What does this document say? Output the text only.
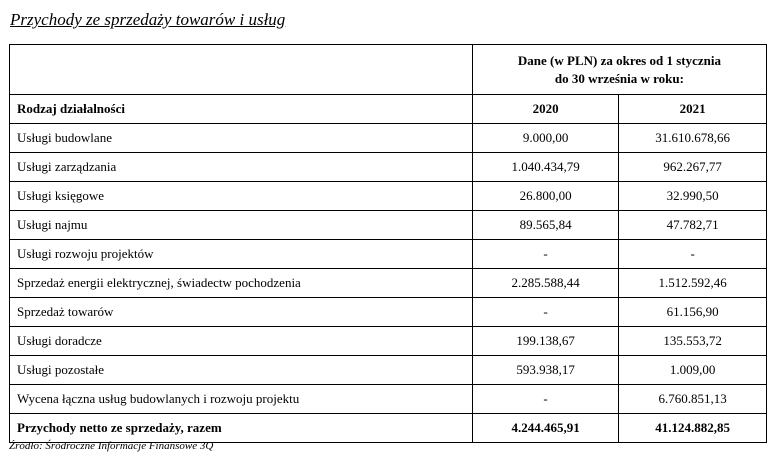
Przychody ze sprzedaży towarów i usług

	Dane (w PLN) za okres od 1 stycznia
do 30 września w roku:	

Rodzaj działalności	2020	2021
Usługi budowlane	9.000,00	31.610.678,66
Usługi zarządzania	1.040.434,79	962.267,77
Usługi księgowe	26.800,00	32.990,50
Usługi najmu	89.565,84	47.782,71
Usługi rozwoju projektów	-	-
Sprzedaż energii elektrycznej, świadectw pochodzenia	2.285.588,44	1.512.592,46
Sprzedaż towarów	-	61.156,90
Usługi doradcze	199.138,67	135.553,72
Usługi pozostałe	593.938,17	1.009,00
Wycena łączna usług budowlanych i rozwoju projektu	-	6.760.851,13
Przychody netto ze sprzedaży, razem	4.244.465,91	41.124.882,85
Źródło: Śródroczne Informacje Finansowe 3Q
